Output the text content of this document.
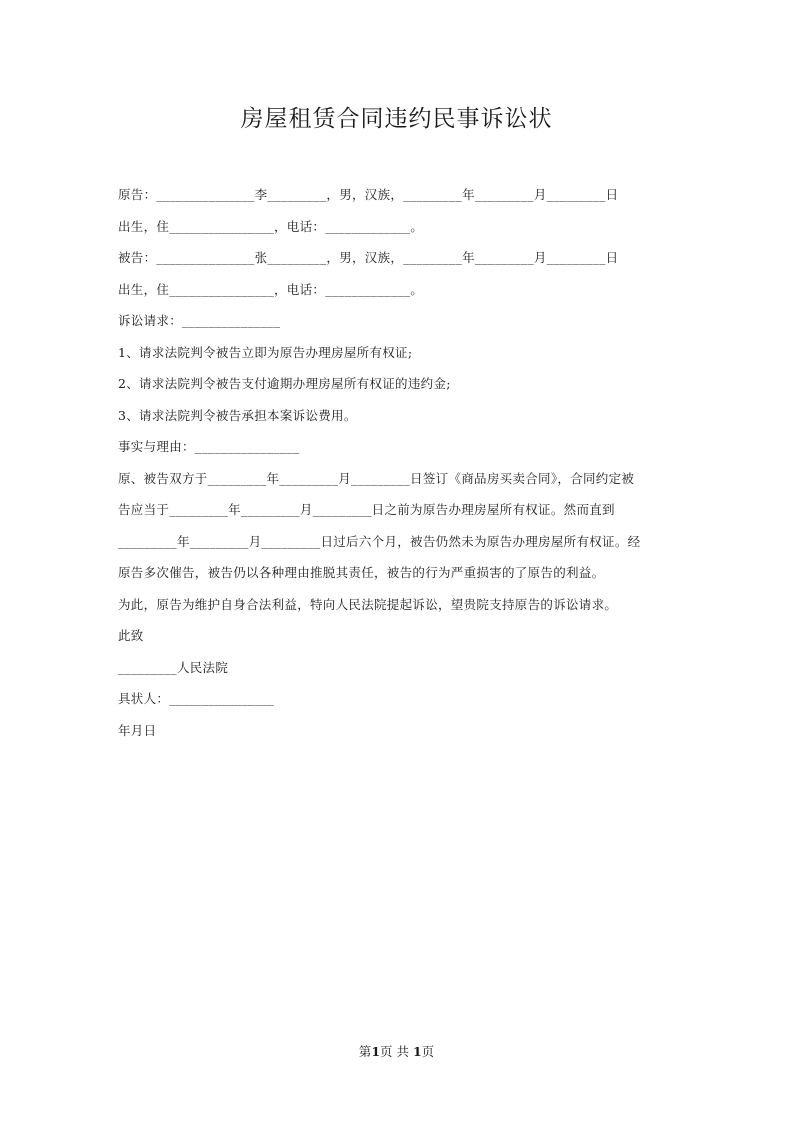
房屋租赁合同违约民事诉讼状
原告：_______________李_________，男，汉族，_________年_________月_________日
出生，住________________，电话：_____________。
被告：_______________张_________，男，汉族，_________年_________月_________日
出生，住________________，电话：_____________。
诉讼请求：_______________
1、请求法院判令被告立即为原告办理房屋所有权证;
2、请求法院判令被告支付逾期办理房屋所有权证的违约金;
3、请求法院判令被告承担本案诉讼费用。
事实与理由：________________
原、被告双方于_________年_________月_________日签订《商品房买卖合同》，合同约定被
告应当于_________年_________月_________日之前为原告办理房屋所有权证。然而直到
_________年_________月_________日过后六个月，被告仍然未为原告办理房屋所有权证。经
原告多次催告，被告仍以各种理由推脱其责任，被告的行为严重损害的了原告的利益。
为此，原告为维护自身合法利益，特向人民法院提起诉讼，望贵院支持原告的诉讼请求。
此致
_________人民法院
具状人：________________
年月日
第1页 共 1页
